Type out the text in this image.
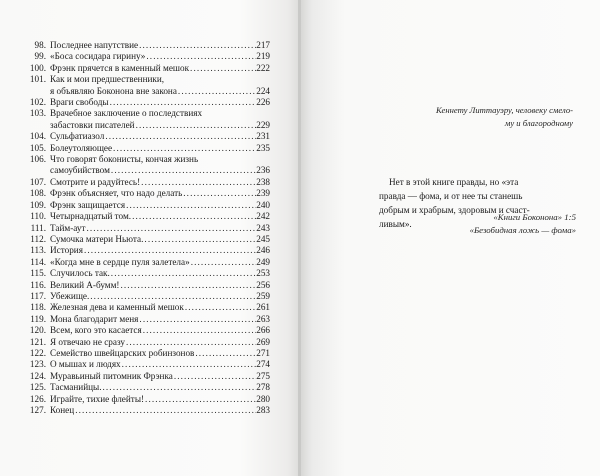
98. Последнее напутствие . . .	217
99. «Боса сосидара гирину» . . .	219
100. Фрэнк прячется в каменный мешок . . .	222
101. Как и мои предшественники,
я объявляю Боконона вне закона . . .	224
102. Враги свободы . . .	226
103. Врачебное заключение о последствиях
забастовки писателей . . .	229
104. Сульфатиазол . . .	231
105. Болеутоляющее . . .	235
106. Что говорят боконисты, кончая жизнь
самоубийством . . .	236
107. Смотрите и радуйтесь! . . .	238
108. Фрэнк объясняет, что надо делать . . .	239
109. Фрэнк защищается . . .	240
110. Четырнадцатый том. . . .	242
111. Тайм-аут . . .	243
112. Сумочка матери Ньюта. . . .	245
113. История . . .	246
114. «Когда мне в сердце пуля залетела» . . .	249
115. Случилось так. . . .	253
116. Великий А-бумм! . . .	256
117. Убежище. . . .	259
118. Железная дева и каменный мешок . . .	261
119. Мона благодарит меня . . .	263
120. Всем, кого это касается . . .	266
121. Я отвечаю не сразу . . .	269
122. Семейство швейцарских робинзонов . . .	271
123. О мышах и людях . . .	274
124. Муравьиный питомник Фрэнка . . .	275
125. Тасманийцы. . . .	278
126. Играйте, тихие флейты! . . .	280
127. Конец . . .	283

Кеннету Литтауэру, человеку смело-
му и благородному

Нет в этой книге правды, но «эта
правда — фома, и от нее ты станешь
добрым и храбрым, здоровым и счаст-
ливым».

«Книги Боконона» 1:5
«Безобидная ложь — фома»
